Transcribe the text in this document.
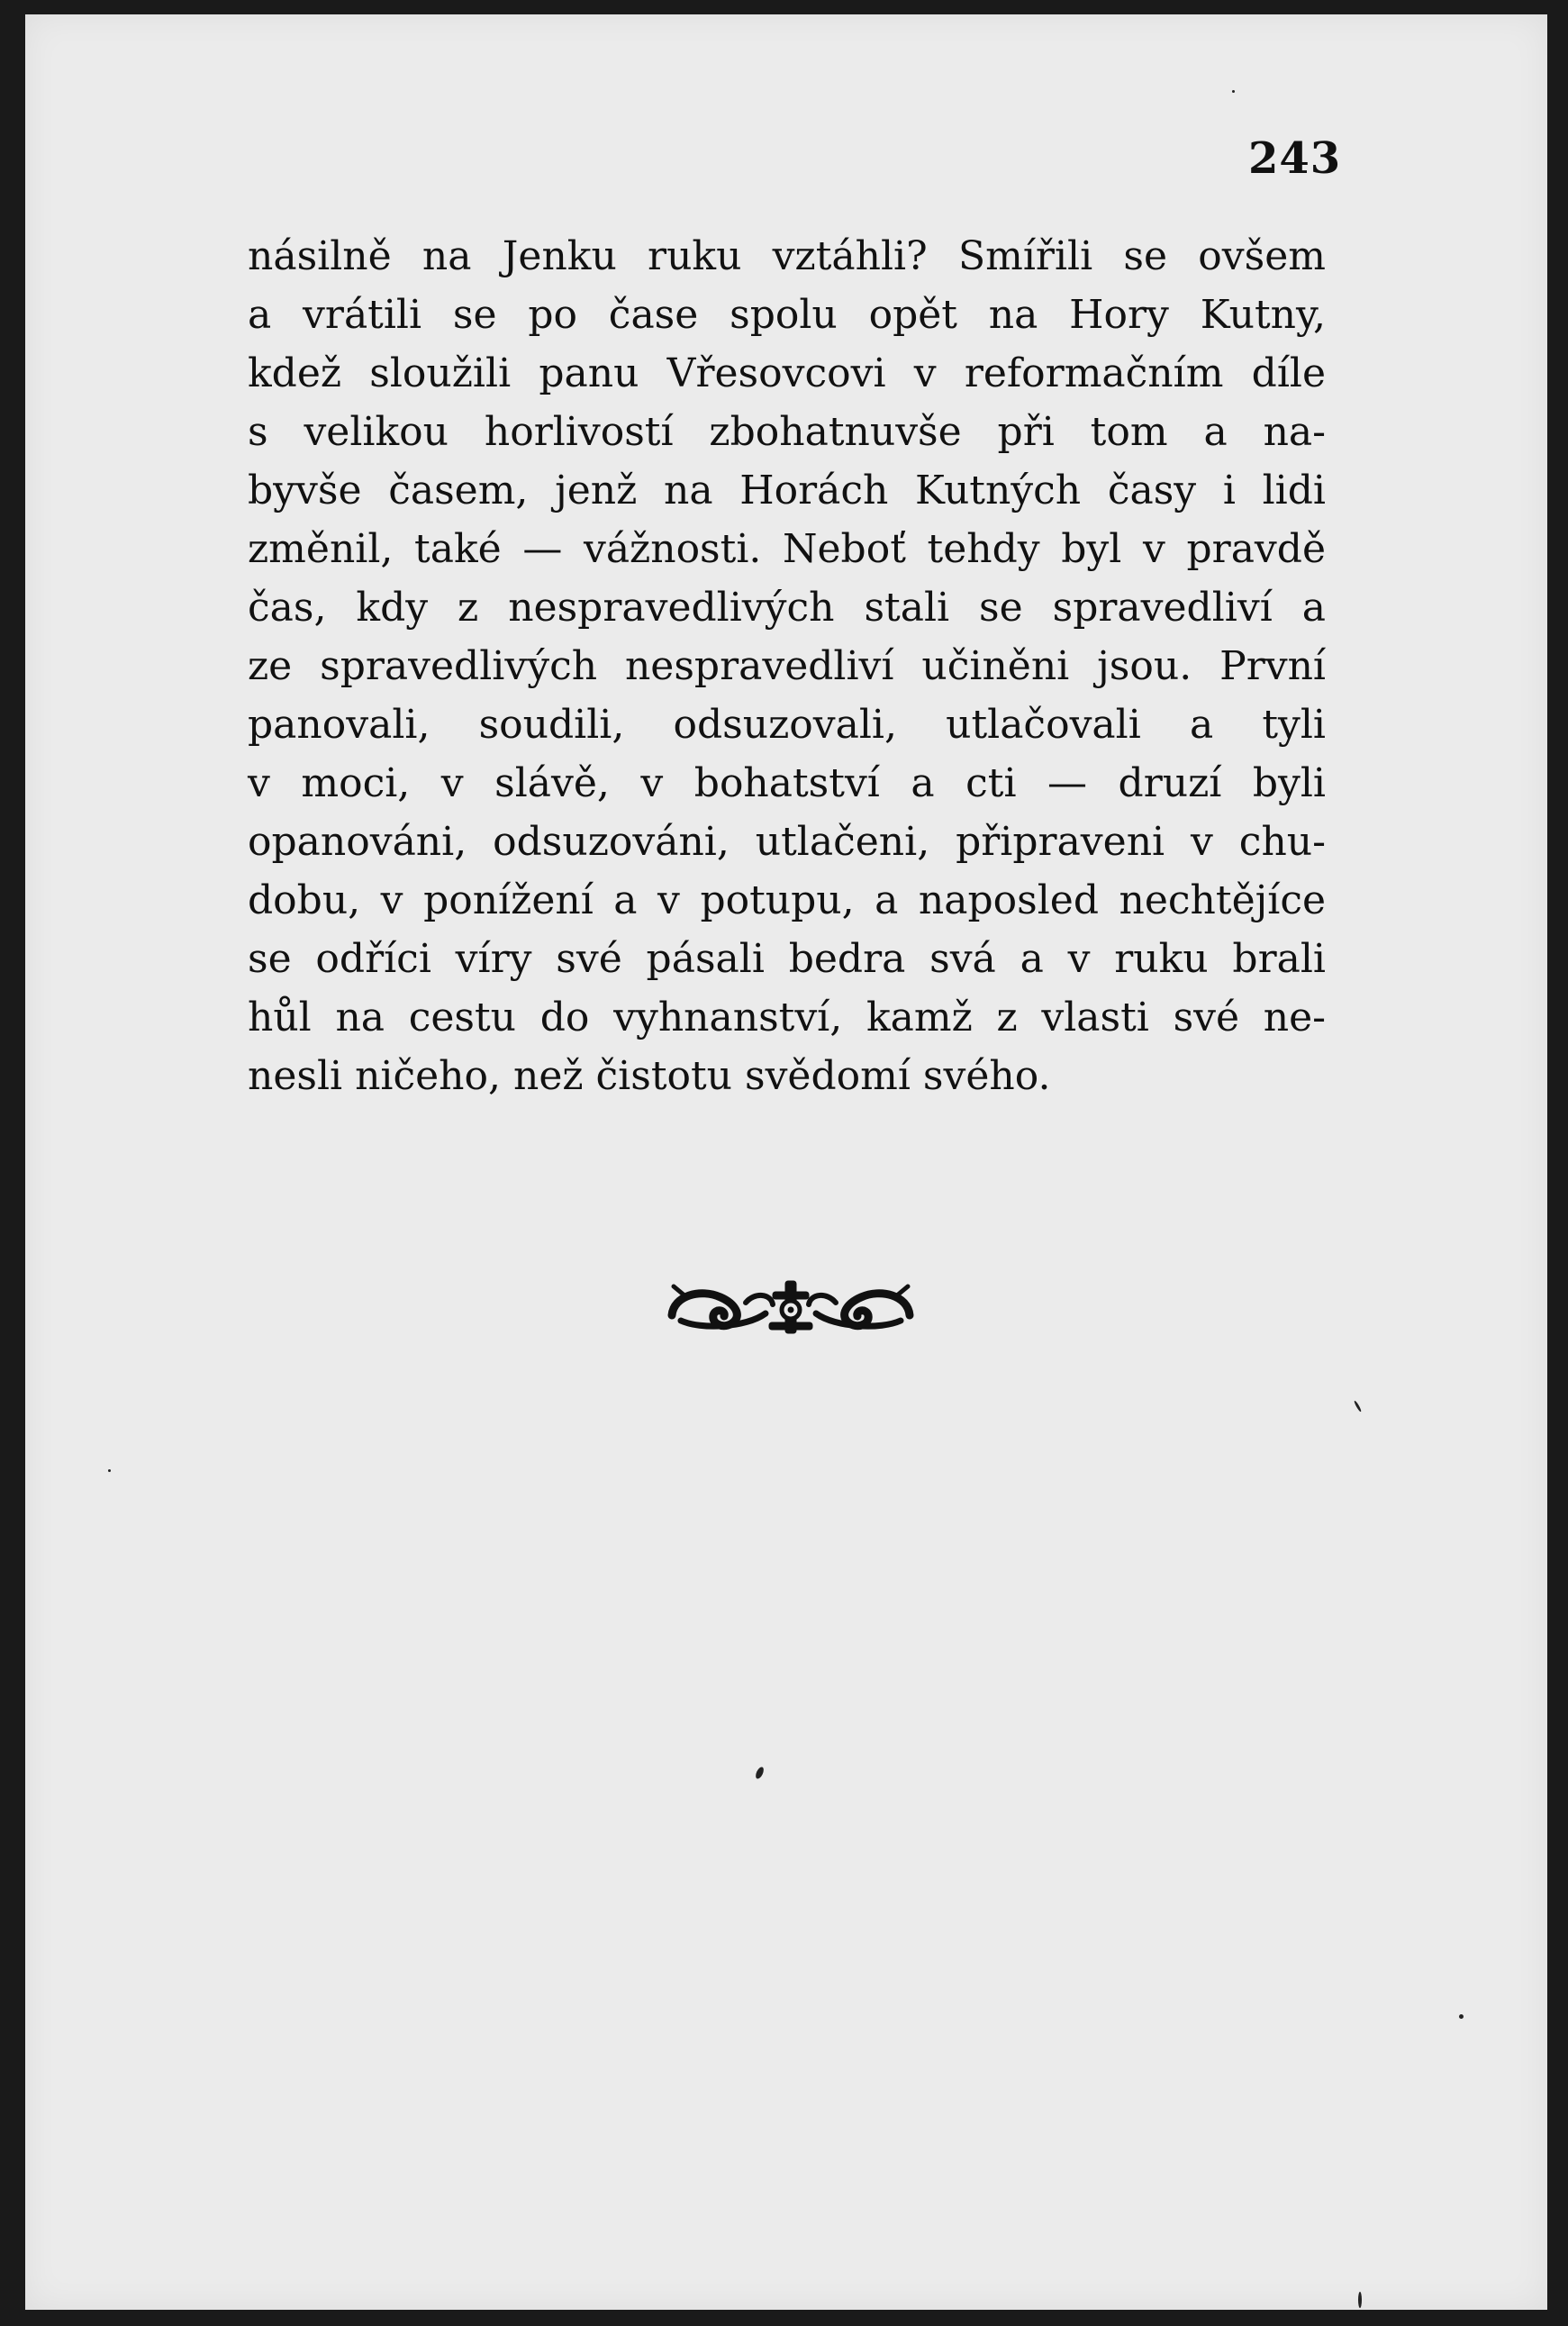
243
násilně na Jenku ruku vztáhli? Smířili se ovšem
a vrátili se po čase spolu opět na Hory Kutny,
kdež sloužili panu Vřesovcovi v reformačním díle
s velikou horlivostí zbohatnuvše při tom a na-
byvše časem, jenž na Horách Kutných časy i lidi
změnil, také — vážnosti. Neboť tehdy byl v pravdě
čas, kdy z nespravedlivých stali se spravedliví a
ze spravedlivých nespravedliví učiněni jsou. První
panovali, soudili, odsuzovali, utlačovali a tyli
v moci, v slávě, v bohatství a cti — druzí byli
opanováni, odsuzováni, utlačeni, připraveni v chu-
dobu, v ponížení a v potupu, a naposled nechtějíce
se odříci víry své pásali bedra svá a v ruku brali
hůl na cestu do vyhnanství, kamž z vlasti své ne-
nesli ničeho, než čistotu svědomí svého.
